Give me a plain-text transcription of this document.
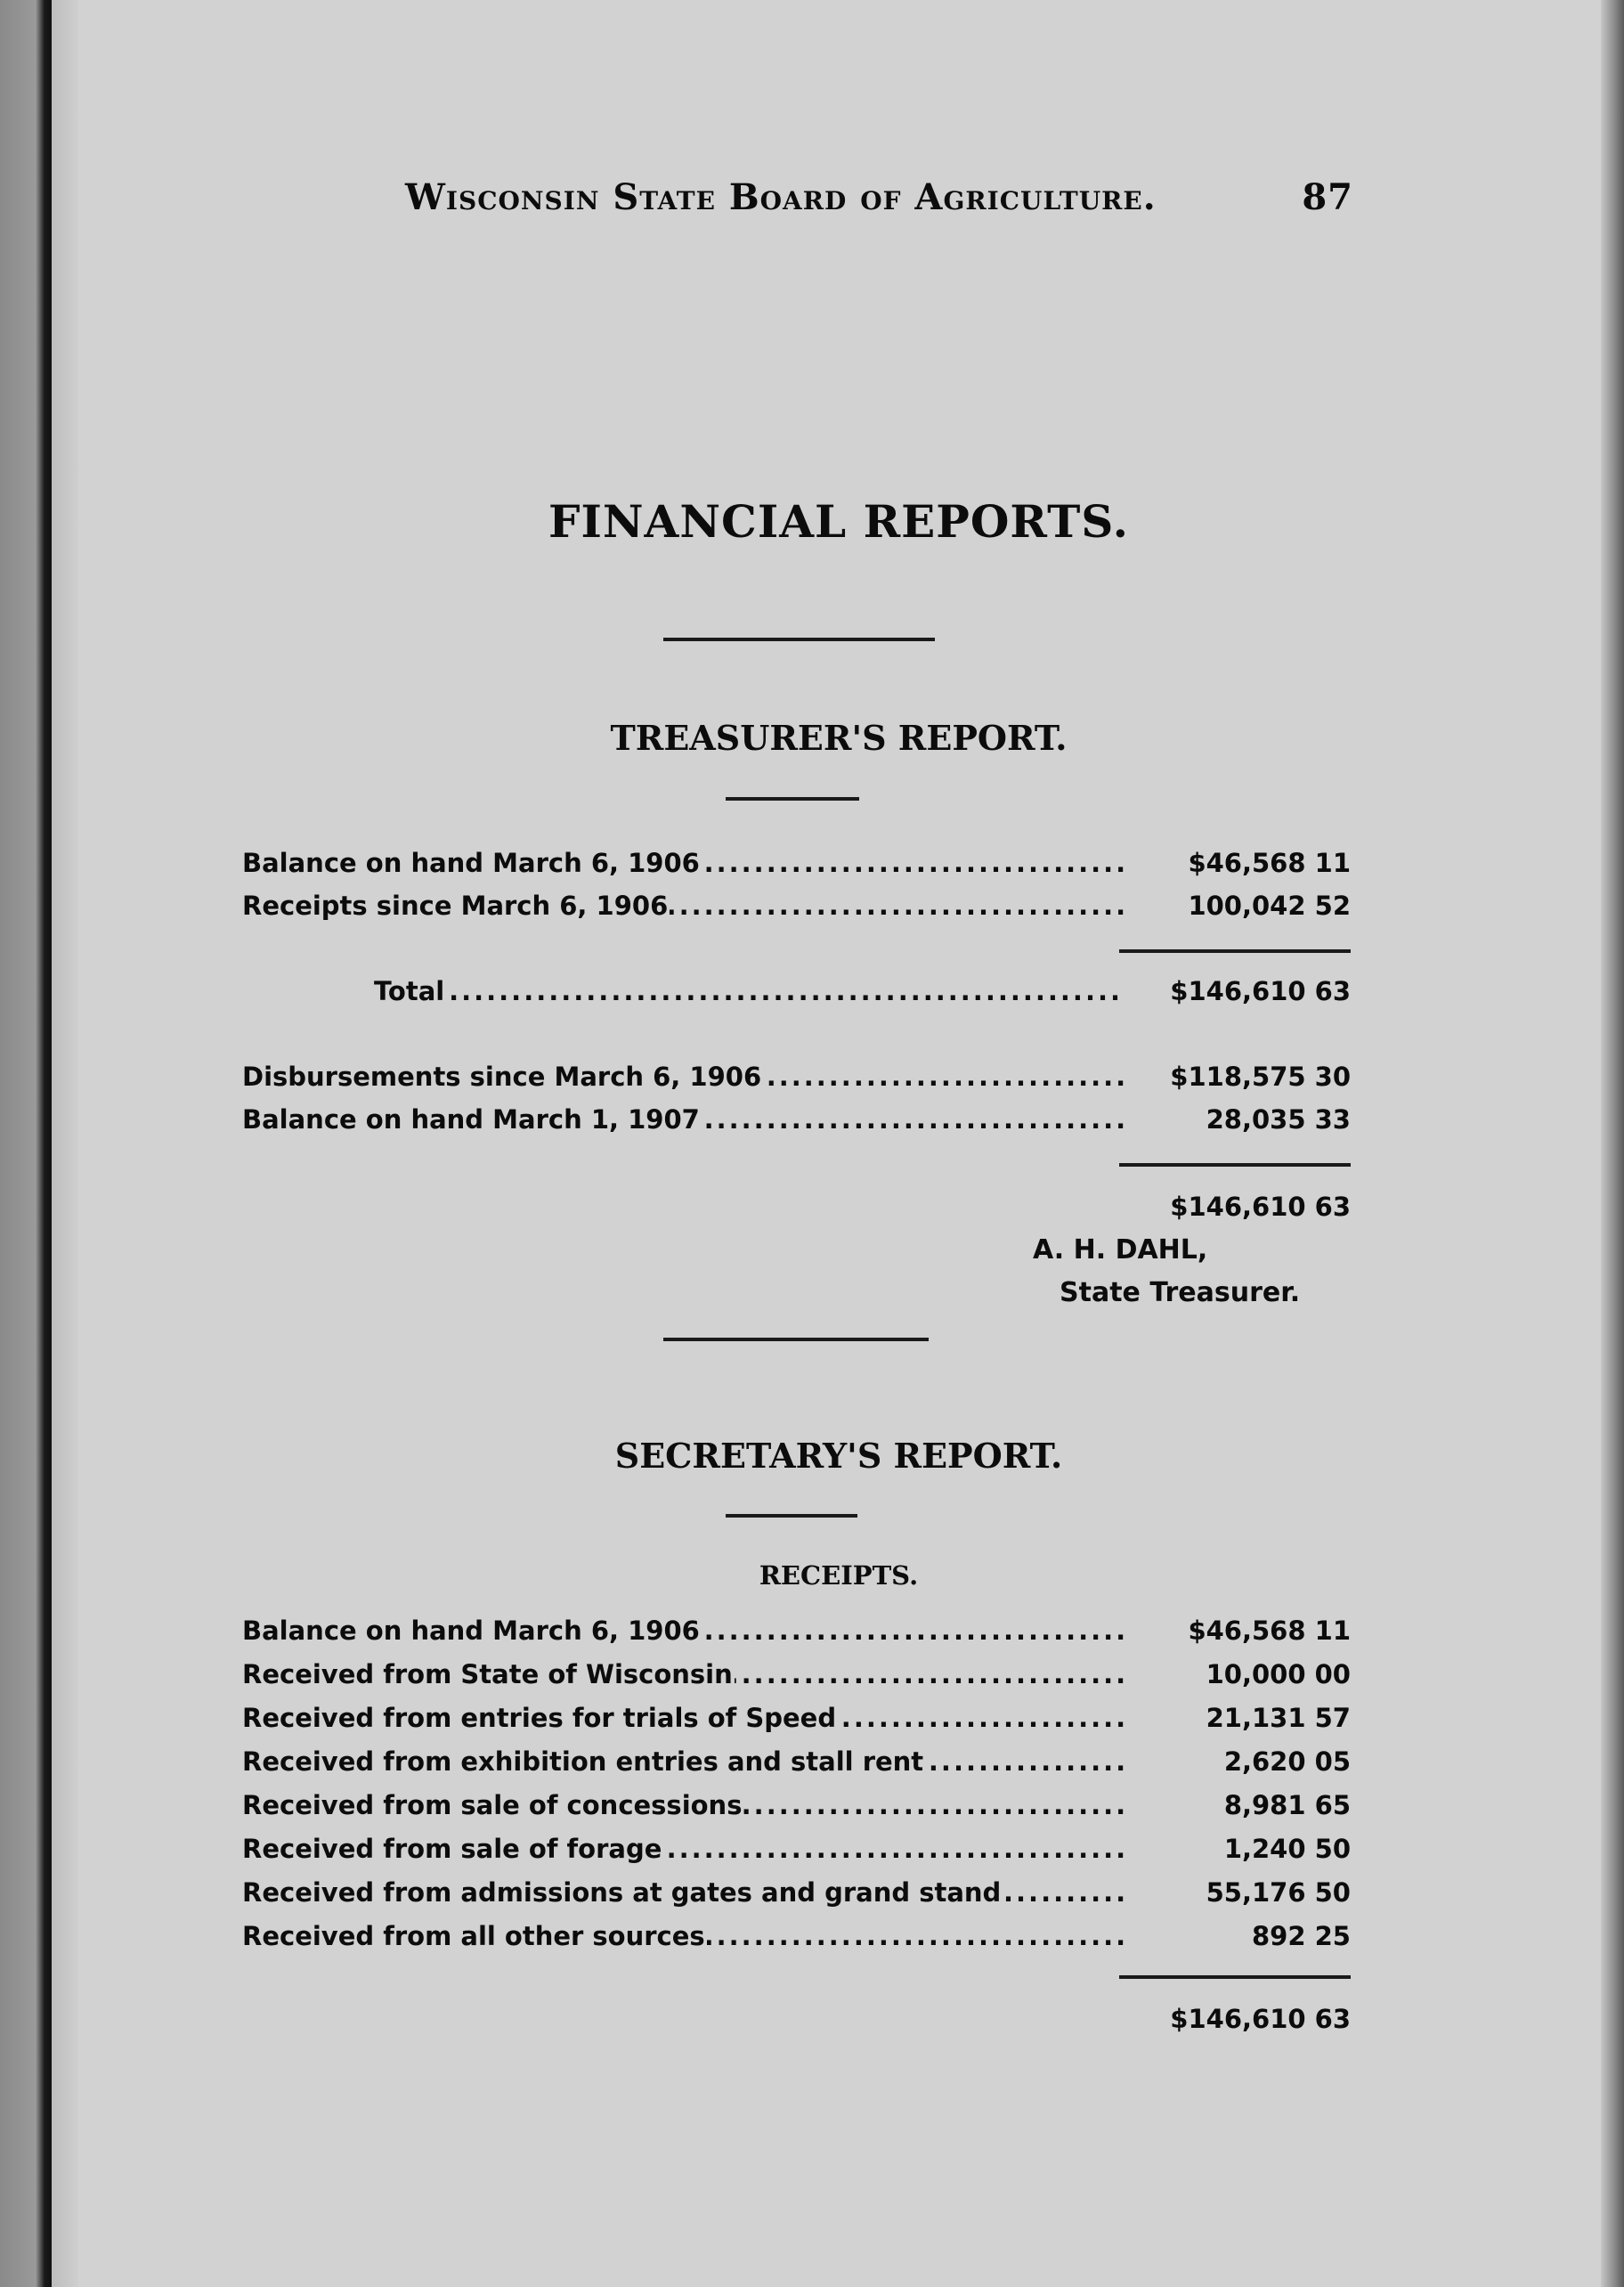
Wisconsin State Board of Agriculture.	87
FINANCIAL REPORTS.
TREASURER'S REPORT.
Balance on hand March 6, 1906 .....	$46,568 11
Receipts since March 6, 1906 .....	100,042 52
Total .....	$146,610 63
Disbursements since March 6, 1906 .....	$118,575 30
Balance on hand March 1, 1907 .....	28,035 33
$146,610 63
A. H. DAHL,
State Treasurer.
SECRETARY'S REPORT.
RECEIPTS.
Balance on hand March 6, 1906 .....	$46,568 11
Received from State of Wisconsin .....	10,000 00
Received from entries for trials of Speed .....	21,131 57
Received from exhibition entries and stall rent .....	2,620 05
Received from sale of concessions .....	8,981 65
Received from sale of forage .....	1,240 50
Received from admissions at gates and grand stand .....	55,176 50
Received from all other sources .....	892 25
$146,610 63
